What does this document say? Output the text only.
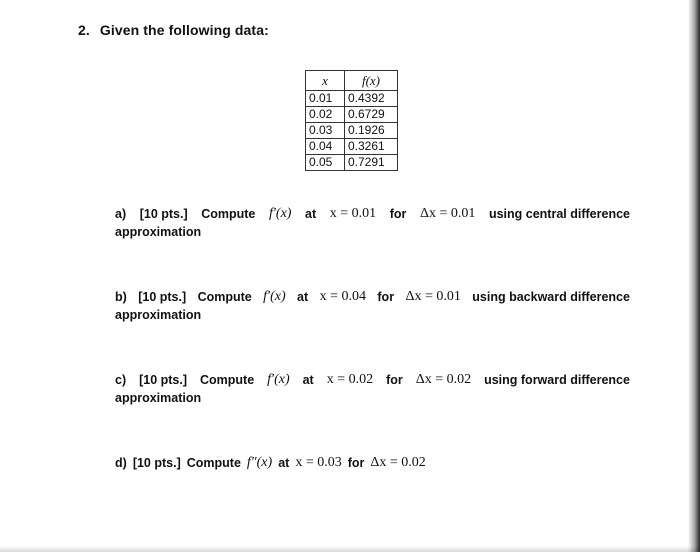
2. Given the following data:
x	f(x)
0.01	0.4392
0.02	0.6729
0.03	0.1926
0.04	0.3261
0.05	0.7291
a) [10 pts.] Compute f′(x) at x = 0.01 for Δx = 0.01 using central difference
approximation
b) [10 pts.] Compute f′(x) at x = 0.04 for Δx = 0.01 using backward difference
approximation
c) [10 pts.] Compute f′(x) at x = 0.02 for Δx = 0.02 using forward difference
approximation
d) [10 pts.] Compute f″(x) at x = 0.03 for Δx = 0.02
